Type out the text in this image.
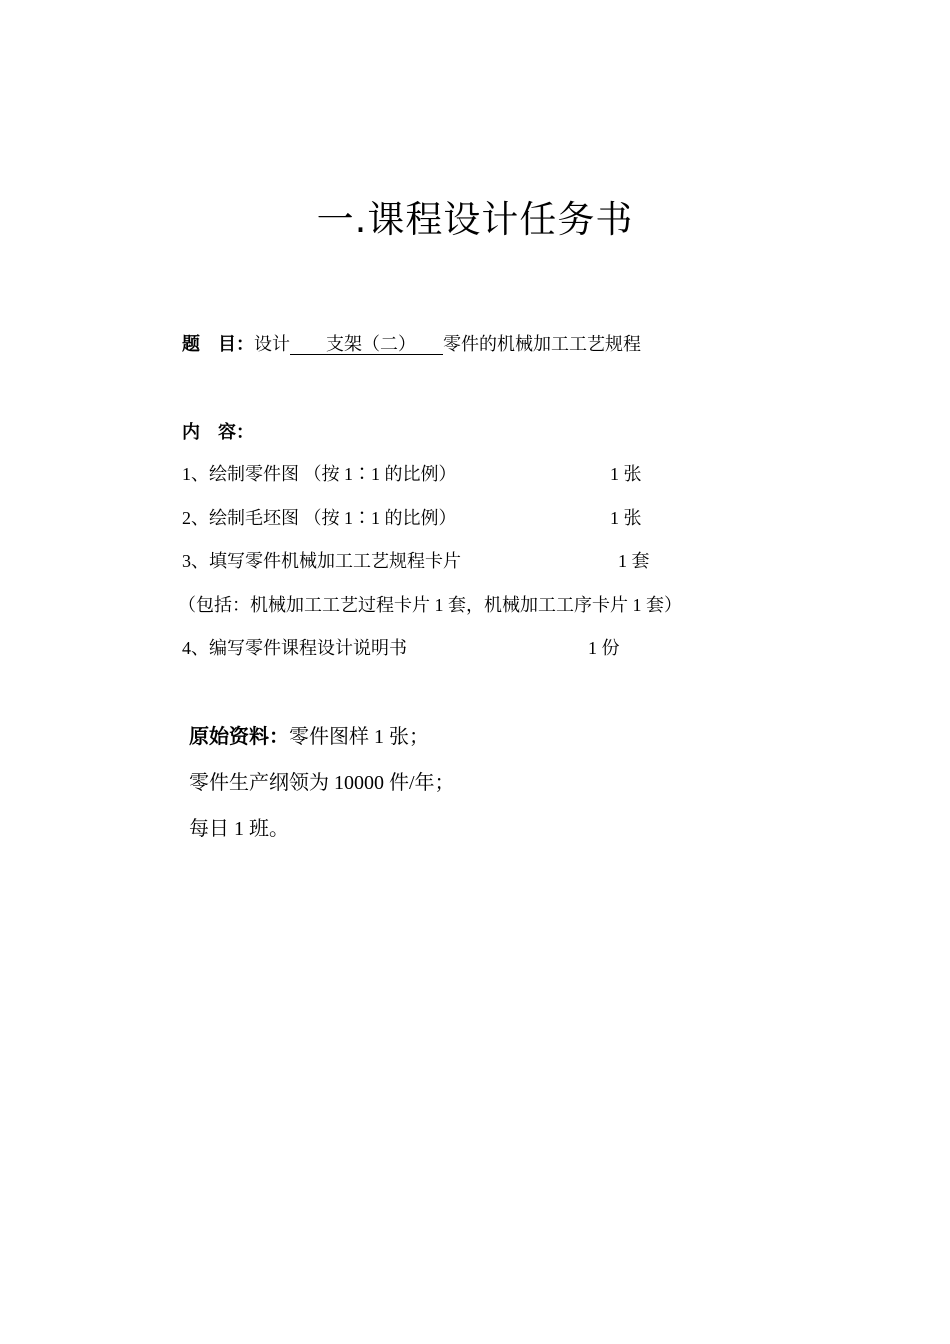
一.课程设计任务书
题　目：设计　　支架（二）　　零件的机械加工工艺规程
内　容：
1、绘制零件图 （按 1∶1 的比例）	1 张
2、绘制毛坯图 （按 1∶1 的比例）	1 张
3、填写零件机械加工工艺规程卡片	1 套
（包括：机械加工工艺过程卡片 1 套，机械加工工序卡片 1 套）
4、编写零件课程设计说明书	1 份
原始资料：零件图样 1 张；
零件生产纲领为 10000 件/年；
每日 1 班。
